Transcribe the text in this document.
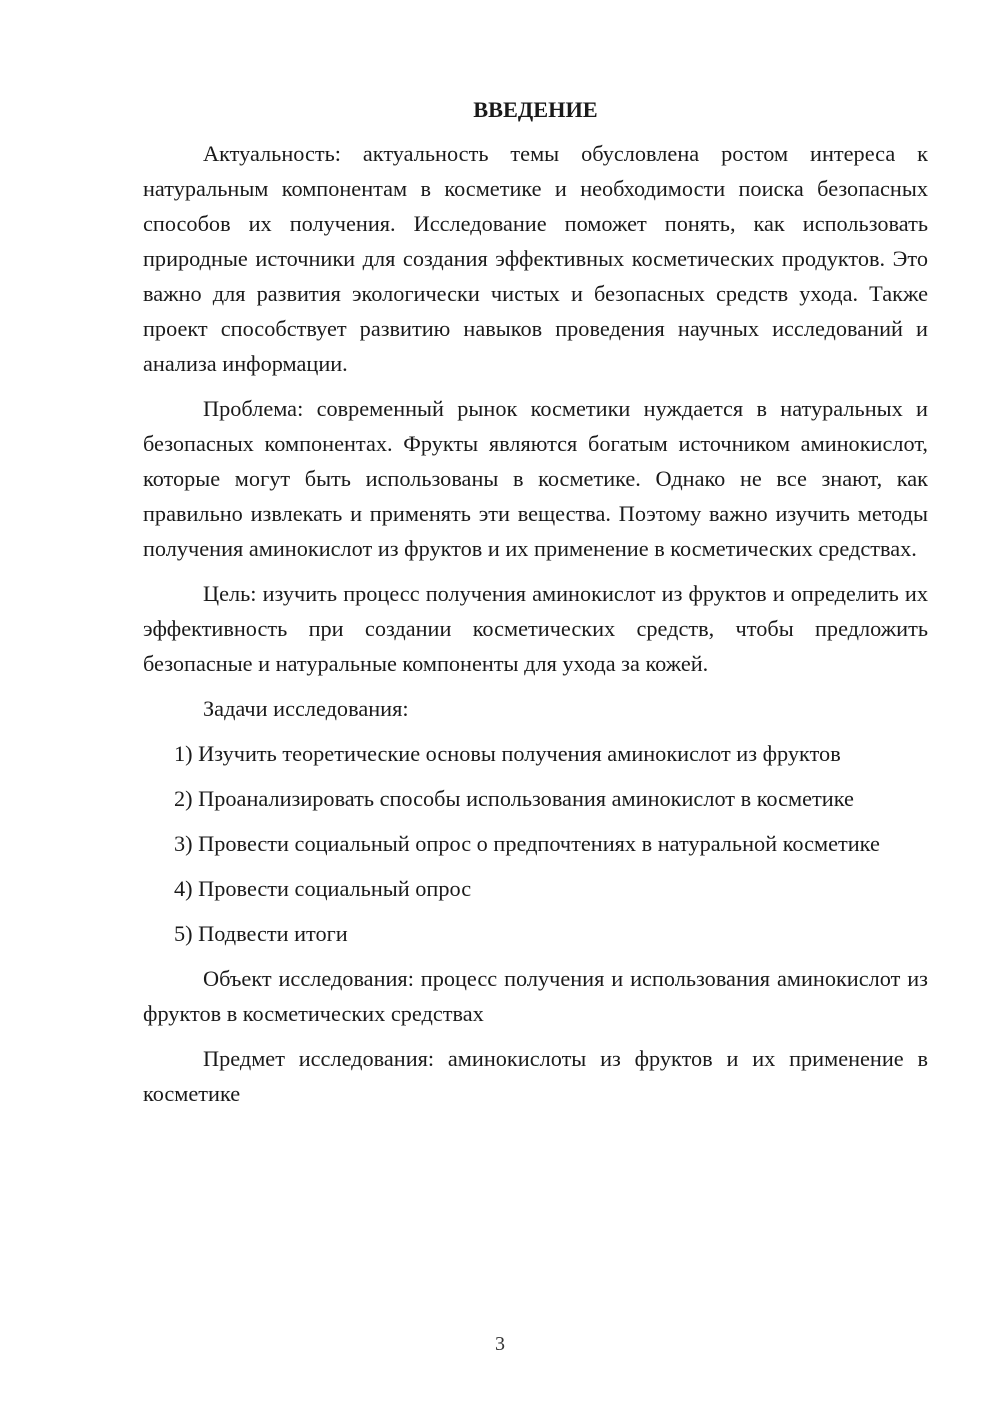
ВВЕДЕНИЕ

Актуальность: актуальность темы обусловлена ростом интереса к натуральным компонентам в косметике и необходимости поиска безопасных способов их получения. Исследование поможет понять, как использовать природные источники для создания эффективных косметических продуктов. Это важно для развития экологически чистых и безопасных средств ухода. Также проект способствует развитию навыков проведения научных исследований и анализа информации.

Проблема: современный рынок косметики нуждается в натуральных и безопасных компонентах. Фрукты являются богатым источником аминокислот, которые могут быть использованы в косметике. Однако не все знают, как правильно извлекать и применять эти вещества. Поэтому важно изучить методы получения аминокислот из фруктов и их применение в косметических средствах.

Цель: изучить процесс получения аминокислот из фруктов и определить их эффективность при создании косметических средств, чтобы предложить безопасные и натуральные компоненты для ухода за кожей.

Задачи исследования:

1) Изучить теоретические основы получения аминокислот из фруктов

2) Проанализировать способы использования аминокислот в косметике

3) Провести социальный опрос о предпочтениях в натуральной косметике

4) Провести социальный опрос

5) Подвести итоги

Объект исследования: процесс получения и использования аминокислот из фруктов в косметических средствах

Предмет исследования: аминокислоты из фруктов и их применение в косметике

3
